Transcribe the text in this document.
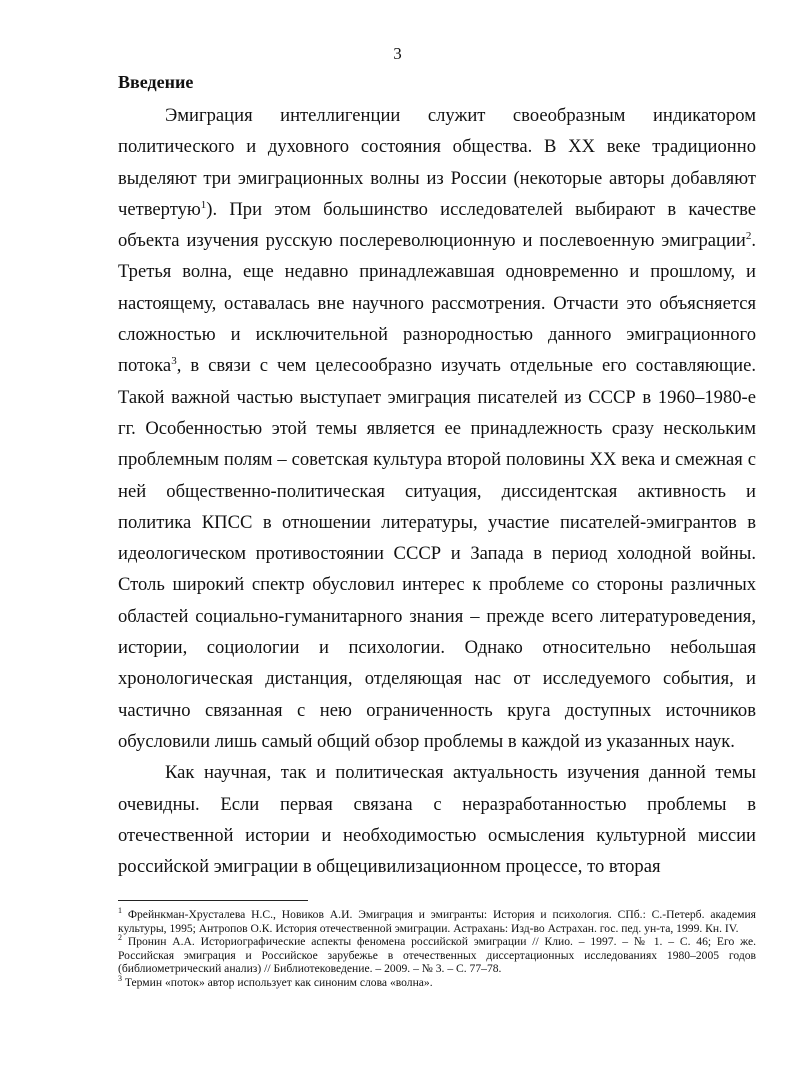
3
Введение

Эмиграция интеллигенции служит своеобразным индикатором политического и духовного состояния общества. В XX веке традиционно выделяют три эмиграционных волны из России (некоторые авторы добавляют четвертую$^1$). При этом большинство исследователей выбирают в качестве объекта изучения русскую послереволюционную и послевоенную эмиграции$^2$. Третья волна, еще недавно принадлежавшая одновременно и прошлому, и настоящему, оставалась вне научного рассмотрения. Отчасти это объясняется сложностью и исключительной разнородностью данного эмиграционного потока$^3$, в связи с чем целесообразно изучать отдельные его составляющие. Такой важной частью выступает эмиграция писателей из СССР в 1960–1980-е гг. Особенностью этой темы является ее принадлежность сразу нескольким проблемным полям – советская культура второй половины XX века и смежная с ней общественно-политическая ситуация, диссидентская активность и политика КПСС в отношении литературы, участие писателей-эмигрантов в идеологическом противостоянии СССР и Запада в период холодной войны. Столь широкий спектр обусловил интерес к проблеме со стороны различных областей социально-гуманитарного знания – прежде всего литературоведения, истории, социологии и психологии. Однако относительно небольшая хронологическая дистанция, отделяющая нас от исследуемого события, и частично связанная с нею ограниченность круга доступных источников обусловили лишь самый общий обзор проблемы в каждой из указанных наук.

Как научная, так и политическая актуальность изучения данной темы очевидны. Если первая связана с неразработанностью проблемы в отечественной истории и необходимостью осмысления культурной миссии российской эмиграции в общецивилизационном процессе, то вторая

$^1$ Фрейнкман-Хрусталева Н.С., Новиков А.И. Эмиграция и эмигранты: История и психология. СПб.: С.-Петерб. академия культуры, 1995; Антропов О.К. История отечественной эмиграции. Астрахань: Изд-во Астрахан. гос. пед. ун-та, 1999. Кн. IV.

$^2$ Пронин А.А. Историографические аспекты феномена российской эмиграции // Клио. – 1997. – № 1. – С. 46; Его же. Российская эмиграция и Российское зарубежье в отечественных диссертационных исследованиях 1980–2005 годов (библиометрический анализ) // Библиотековедение. – 2009. – № 3. – С. 77–78.

$^3$ Термин «поток» автор использует как синоним слова «волна».
